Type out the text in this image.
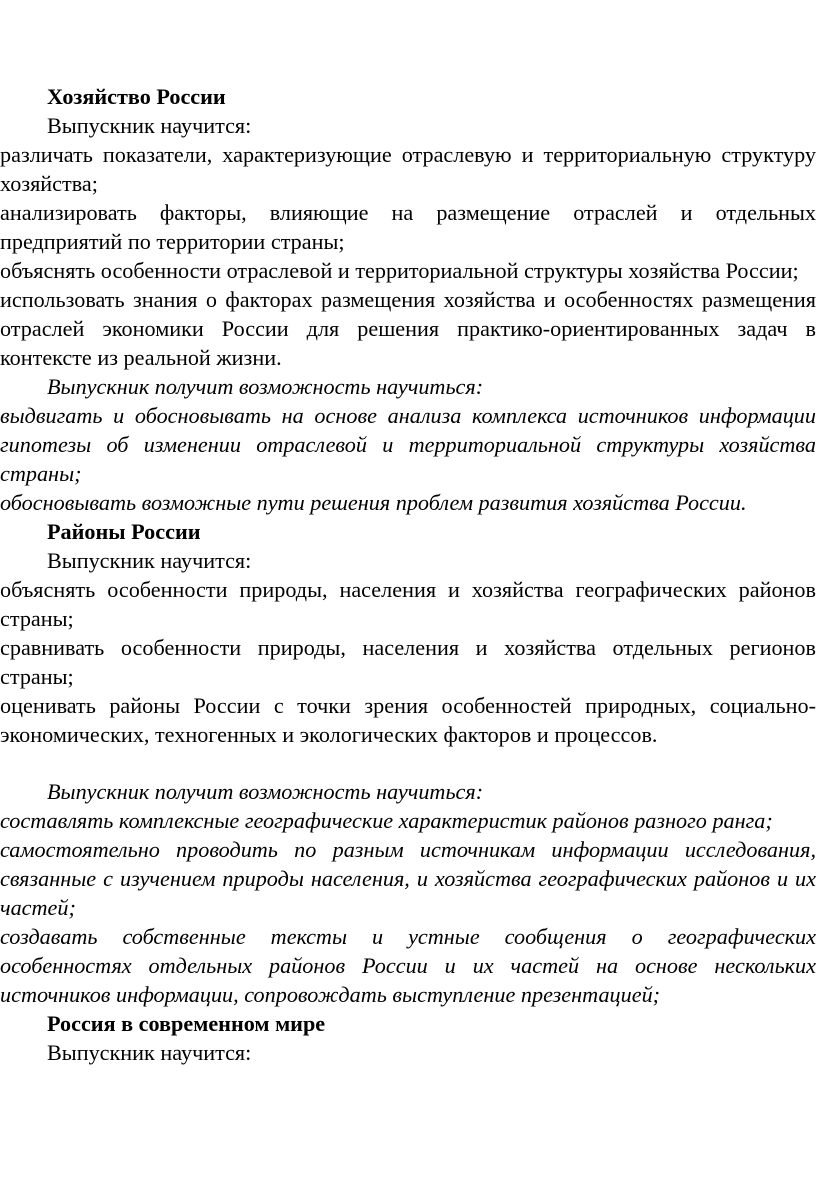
Хозяйство России

Выпускник научится:

различать показатели, характеризующие отраслевую и территориальную структуру хозяйства;

анализировать факторы, влияющие на размещение отраслей и отдельных предприятий по территории страны;

объяснять особенности отраслевой и территориальной структуры хозяйства России;

использовать знания о факторах размещения хозяйства и особенностях размещения отраслей экономики России для решения практико-ориентированных задач в контексте из реальной жизни.

Выпускник получит возможность научиться:

выдвигать и обосновывать на основе анализа комплекса источников информации гипотезы об изменении отраслевой и территориальной структуры хозяйства страны;

обосновывать возможные пути решения проблем развития хозяйства России.

Районы России

Выпускник научится:

объяснять особенности природы, населения и хозяйства географических районов страны;

сравнивать особенности природы, населения и хозяйства отдельных регионов страны;

оценивать районы России с точки зрения особенностей природных, социально-экономических, техногенных и экологических факторов и процессов.

Выпускник получит возможность научиться:

составлять комплексные географические характеристик районов разного ранга;

самостоятельно проводить по разным источникам информации исследования, связанные с изучением природы населения, и хозяйства географических районов и их частей;

создавать собственные тексты и устные сообщения о географических особенностях отдельных районов России и их частей на основе нескольких источников информации, сопровождать выступление презентацией;

Россия в современном мире

Выпускник научится:
